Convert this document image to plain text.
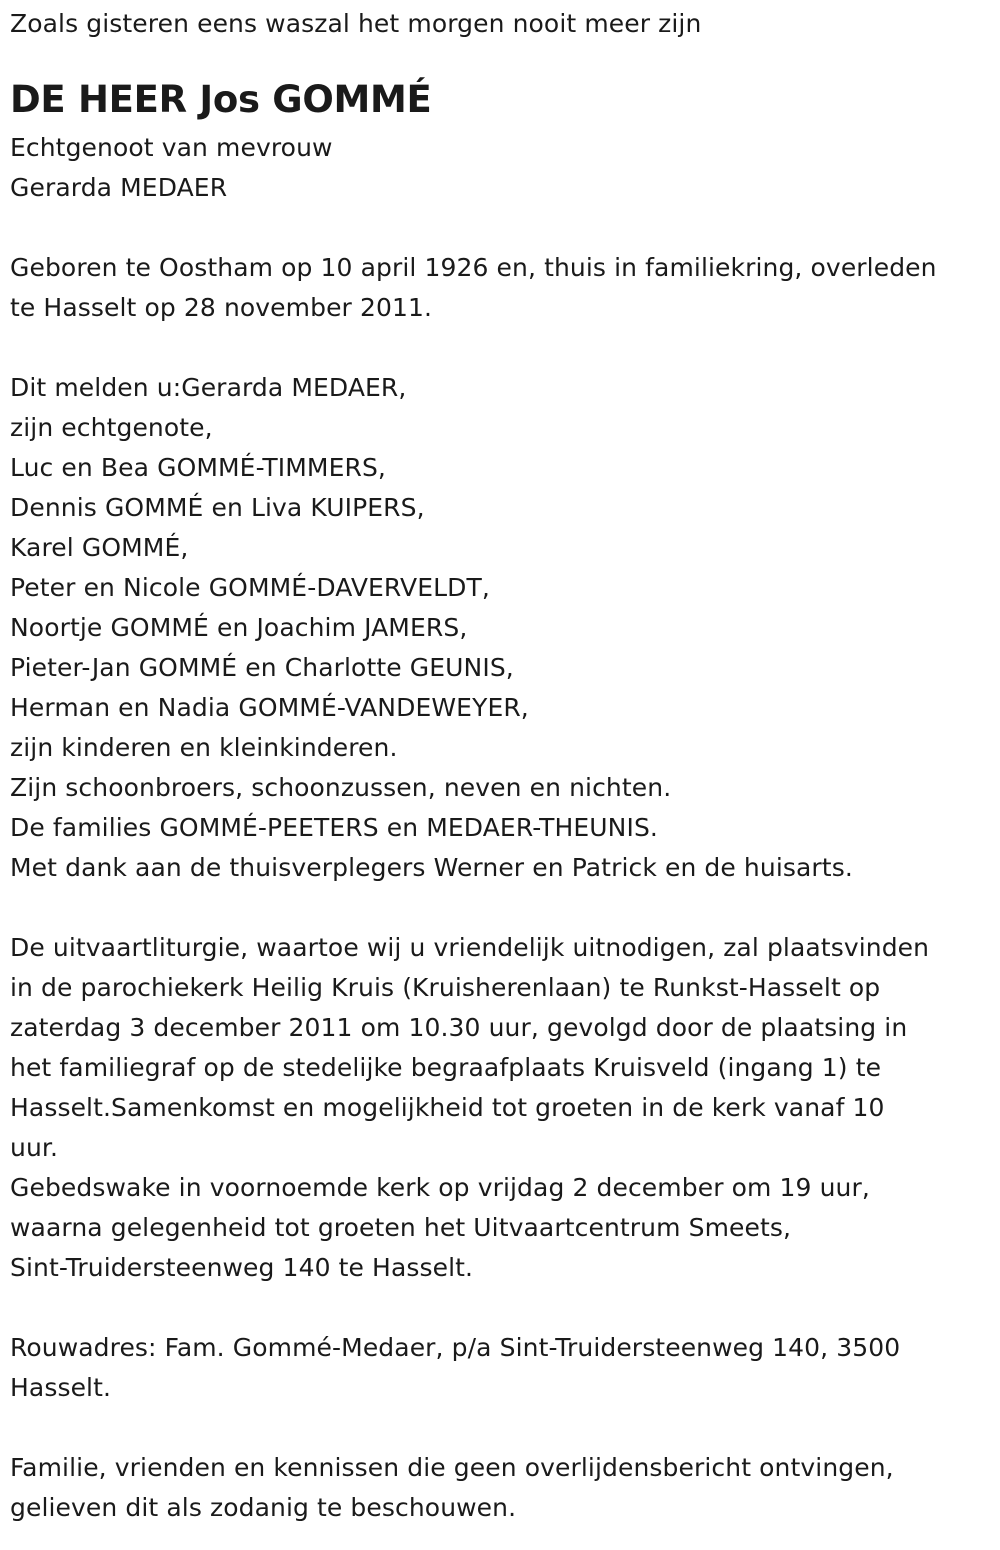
Zoals gisteren eens waszal het morgen nooit meer zijn
DE HEER Jos GOMMÉ
Echtgenoot van mevrouw
Gerarda MEDAER
Geboren te Oostham op 10 april 1926 en, thuis in familiekring, overleden
te Hasselt op 28 november 2011.
Dit melden u:Gerarda MEDAER,
zijn echtgenote,
Luc en Bea GOMMÉ-TIMMERS,
Dennis GOMMÉ en Liva KUIPERS,
Karel GOMMÉ,
Peter en Nicole GOMMÉ-DAVERVELDT,
Noortje GOMMÉ en Joachim JAMERS,
Pieter-Jan GOMMÉ en Charlotte GEUNIS,
Herman en Nadia GOMMÉ-VANDEWEYER,
zijn kinderen en kleinkinderen.
Zijn schoonbroers, schoonzussen, neven en nichten.
De families GOMMÉ-PEETERS en MEDAER-THEUNIS.
Met dank aan de thuisverplegers Werner en Patrick en de huisarts.
De uitvaartliturgie, waartoe wij u vriendelijk uitnodigen, zal plaatsvinden
in de parochiekerk Heilig Kruis (Kruisherenlaan) te Runkst-Hasselt op
zaterdag 3 december 2011 om 10.30 uur, gevolgd door de plaatsing in
het familiegraf op de stedelijke begraafplaats Kruisveld (ingang 1) te
Hasselt.Samenkomst en mogelijkheid tot groeten in de kerk vanaf 10
uur.
Gebedswake in voornoemde kerk op vrijdag 2 december om 19 uur,
waarna gelegenheid tot groeten het Uitvaartcentrum Smeets,
Sint-Truidersteenweg 140 te Hasselt.
Rouwadres: Fam. Gommé-Medaer, p/a Sint-Truidersteenweg 140, 3500
Hasselt.
Familie, vrienden en kennissen die geen overlijdensbericht ontvingen,
gelieven dit als zodanig te beschouwen.
